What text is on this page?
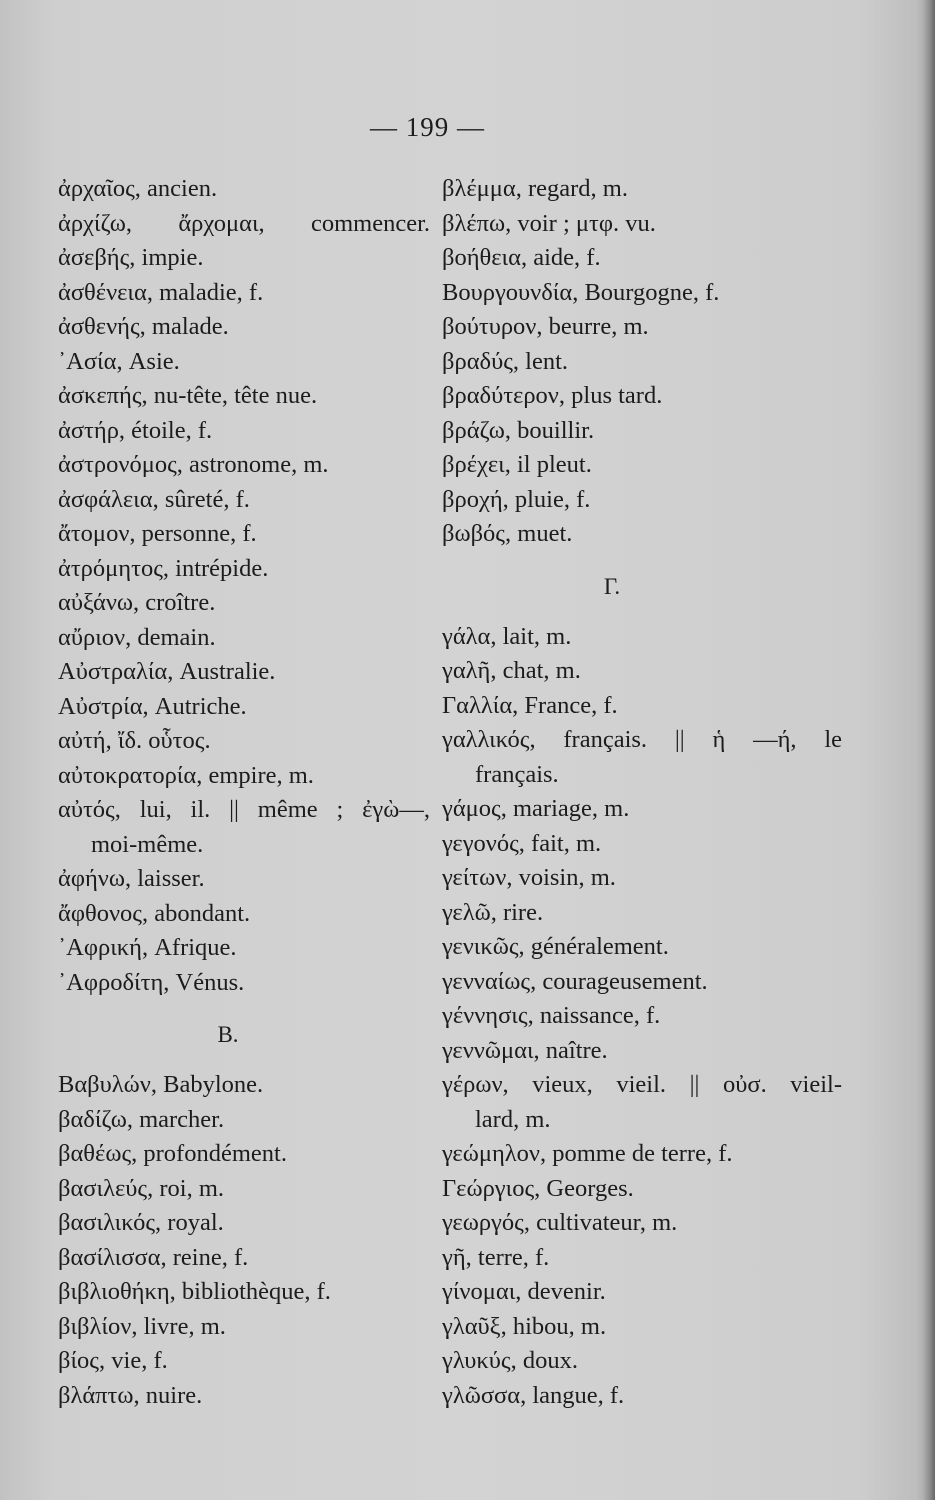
— 199 —
ἀρχαῖος, ancien.
ἀρχίζω, ἄρχομαι, commencer.
ἀσεβής, impie.
ἀσθένεια, maladie, f.
ἀσθενής, malade.
᾿Ασία, Asie.
ἀσκεπής, nu-tête, tête nue.
ἀστήρ, étoile, f.
ἀστρονόμος, astronome, m.
ἀσφάλεια, sûreté, f.
ἄτομον, personne, f.
ἀτρόμητος, intrépide.
αὐξάνω, croître.
αὔριον, demain.
Αὐστραλία, Australie.
Αὐστρία, Autriche.
αὐτή, ἴδ. οὗτος.
αὐτοκρατορία, empire, m.
αὐτός, lui, il. || même ; ἐγὼ—,
moi-même.
ἀφήνω, laisser.
ἄφθονος, abondant.
᾿Αφρική, Afrique.
᾿Αφροδίτη, Vénus.
B.
Βαβυλών, Babylone.
βαδίζω, marcher.
βαθέως, profondément.
βασιλεύς, roi, m.
βασιλικός, royal.
βασίλισσα, reine, f.
βιβλιοθήκη, bibliothèque, f.
βιβλίον, livre, m.
βίος, vie, f.
βλάπτω, nuire.
βλέμμα, regard, m.
βλέπω, voir ; μτφ. vu.
βοήθεια, aide, f.
Βουργουνδία, Bourgogne, f.
βούτυρον, beurre, m.
βραδύς, lent.
βραδύτερον, plus tard.
βράζω, bouillir.
βρέχει, il pleut.
βροχή, pluie, f.
βωβός, muet.
Γ.
γάλα, lait, m.
γαλῆ, chat, m.
Γαλλία, France, f.
γαλλικός, français. || ἡ —ή, le
français.
γάμος, mariage, m.
γεγονός, fait, m.
γείτων, voisin, m.
γελῶ, rire.
γενικῶς, généralement.
γενναίως, courageusement.
γέννησις, naissance, f.
γεννῶμαι, naître.
γέρων, vieux, vieil. || οὐσ. vieil-
lard, m.
γεώμηλον, pomme de terre, f.
Γεώργιος, Georges.
γεωργός, cultivateur, m.
γῆ, terre, f.
γίνομαι, devenir.
γλαῦξ, hibou, m.
γλυκύς, doux.
γλῶσσα, langue, f.
